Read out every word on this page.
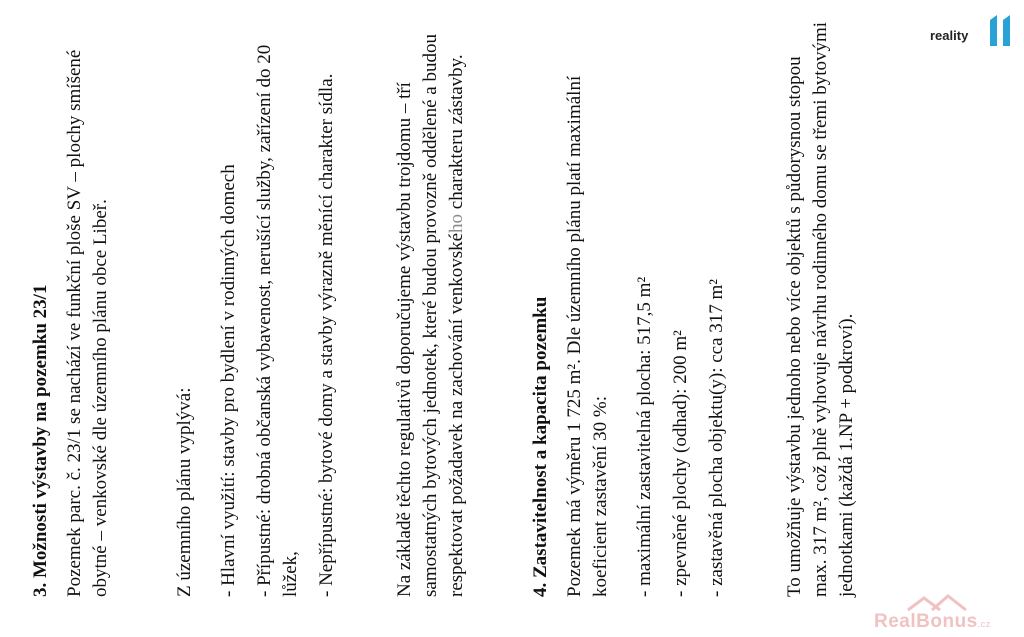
3. Možnosti výstavby na pozemku 23/1 Pozemek parc. č. 23/1 se nachází ve funkční ploše SV – plochy smíšené obytné – venkovské dle územního plánu obce Libeř.	Z územního plánu vyplývá: - Hlavní využití: stavby pro bydlení v rodinných domech - Přípustné: drobná občanská vybavenost, nerušící služby, zařízení do 20 lůžek, - Nepřípustné: bytové domy a stavby výrazně měnící charakter sídla.	Na základě těchto regulativů doporučujeme výstavbu trojdomu – tří samostatných bytových jednotek, které budou provozně oddělené a budou respektovat požadavek na zachování venkovského charakteru zástavby.

4. Zastavitelnost a kapacita pozemku Pozemek má výměru 1 725 m². Dle územního plánu platí maximální koeficient zastavění 30 %: - maximální zastavitelná plocha: 517,5 m² - zpevněné plochy (odhad): 200 m² - zastavěná plocha objektu(y): cca 317 m²	To umožňuje výstavbu jednoho nebo více objektů s půdorysnou stopou max. 317 m², což plně vyhovuje návrhu rodinného domu se třemi bytovými jednotkami (každá 1.NP + podkroví).

reality
RealBonus.cz
